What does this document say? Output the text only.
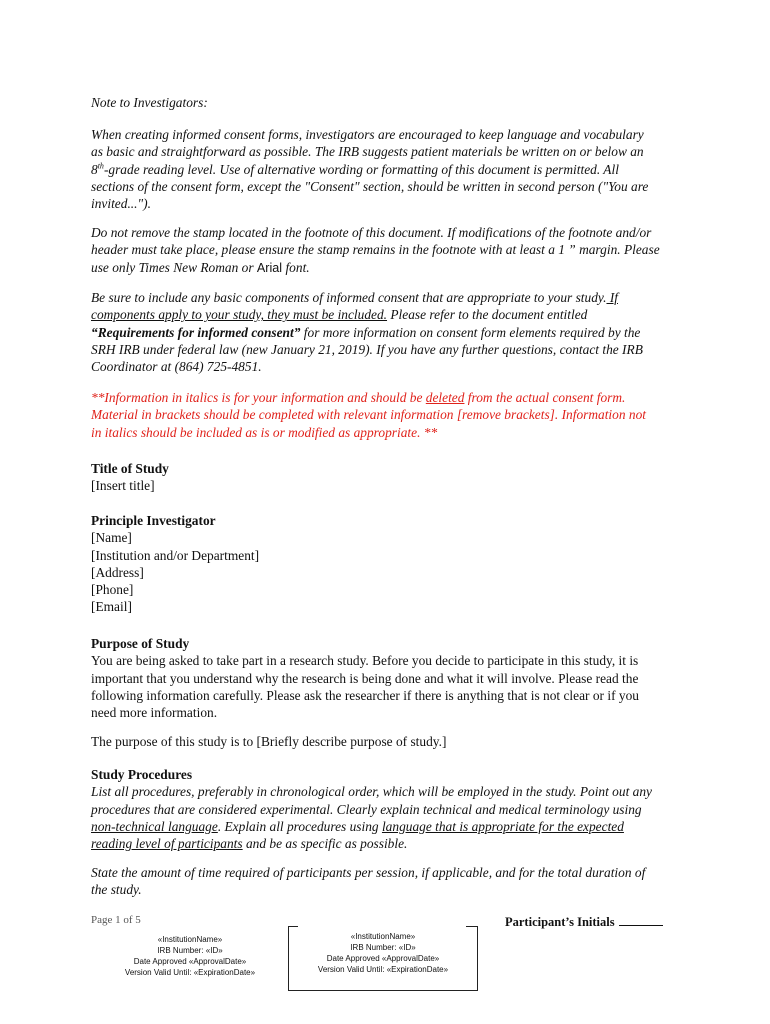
Note to Investigators:
When creating informed consent forms, investigators are encouraged to keep language and vocabulary
as basic and straightforward as possible. The IRB suggests patient materials be written on or below an
8th-grade reading level. Use of alternative wording or formatting of this document is permitted. All
sections of the consent form, except the "Consent" section, should be written in second person ("You are
invited...").
Do not remove the stamp located in the footnote of this document. If modifications of the footnote and/or
header must take place, please ensure the stamp remains in the footnote with at least a 1 ” margin. Please
use only Times New Roman or Arial font.
Be sure to include any basic components of informed consent that are appropriate to your study. If
components apply to your study, they must be included. Please refer to the document entitled
“Requirements for informed consent” for more information on consent form elements required by the
SRH IRB under federal law (new January 21, 2019). If you have any further questions, contact the IRB
Coordinator at (864) 725-4851.
**Information in italics is for your information and should be deleted from the actual consent form.
Material in brackets should be completed with relevant information [remove brackets]. Information not
in italics should be included as is or modified as appropriate. **
Title of Study
[Insert title]
Principle Investigator
[Name]
[Institution and/or Department]
[Address]
[Phone]
[Email]
Purpose of Study
You are being asked to take part in a research study. Before you decide to participate in this study, it is
important that you understand why the research is being done and what it will involve. Please read the
following information carefully. Please ask the researcher if there is anything that is not clear or if you
need more information.
The purpose of this study is to [Briefly describe purpose of study.]
Study Procedures
List all procedures, preferably in chronological order, which will be employed in the study. Point out any
procedures that are considered experimental. Clearly explain technical and medical terminology using
non-technical language. Explain all procedures using language that is appropriate for the expected
reading level of participants and be as specific as possible.
State the amount of time required of participants per session, if applicable, and for the total duration of
the study.
Page 1 of 5
«InstitutionName»
IRB Number: «ID»
Date Approved «ApprovalDate»
Version Valid Until: «ExpirationDate»
«InstitutionName»
IRB Number: «ID»
Date Approved «ApprovalDate»
Version Valid Until: «ExpirationDate»
Participant’s Initials
